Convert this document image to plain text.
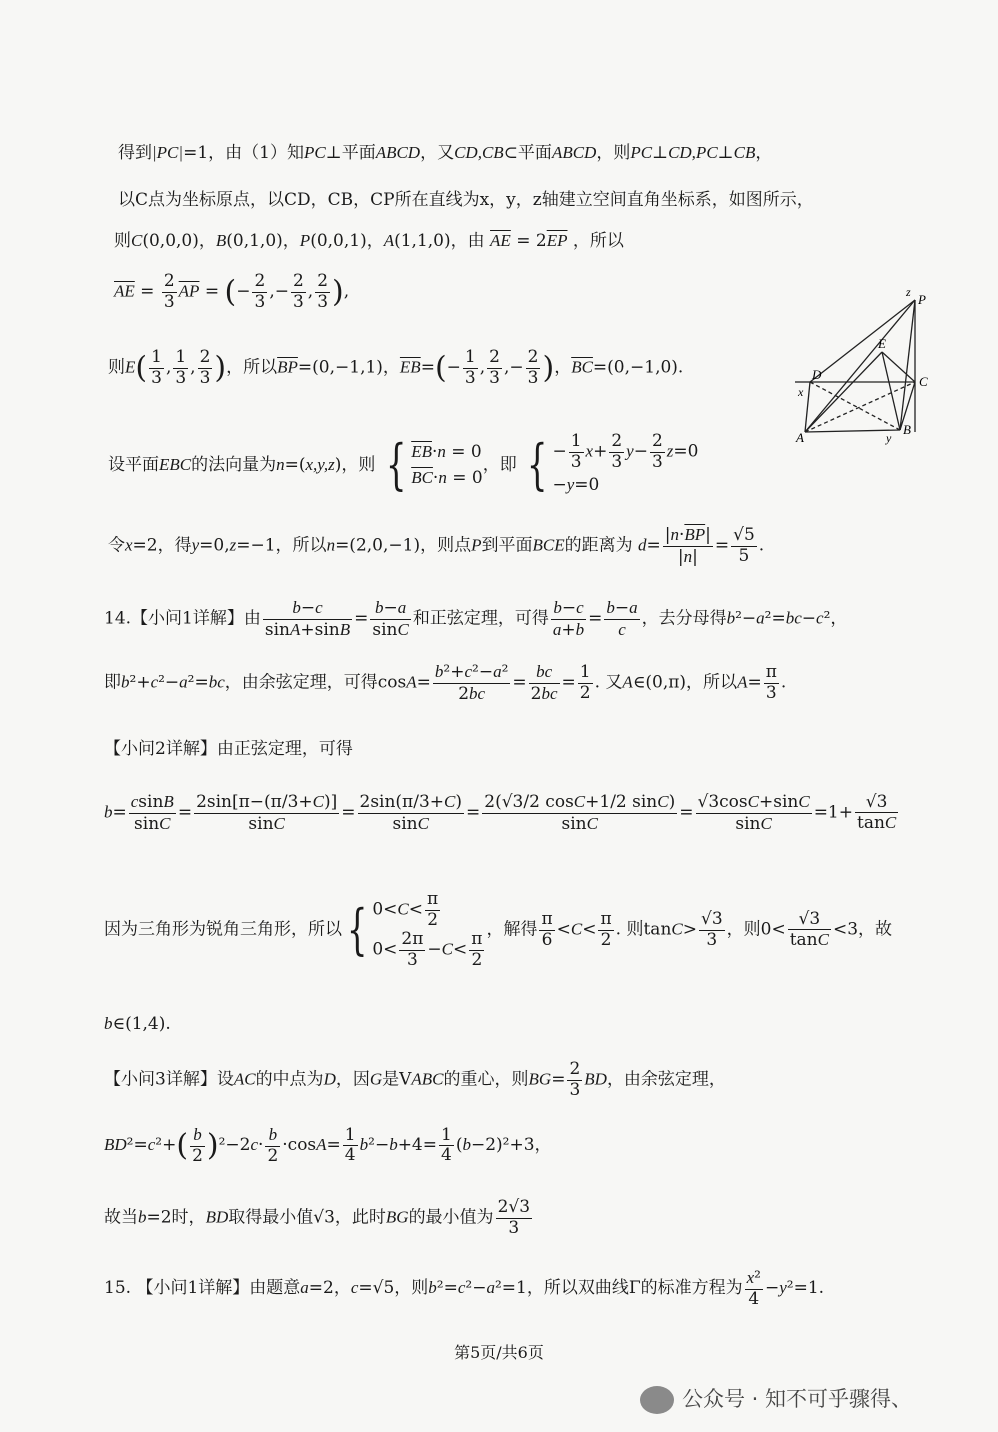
得到|PC|=1，由（1）知PC⊥平面ABCD，又CD,CB⊂平面ABCD，则PC⊥CD,PC⊥CB，
以C点为坐标原点，以CD，CB，CP所在直线为x，y，z轴建立空间直角坐标系，如图所示，
则C(0,0,0)，B(0,1,0)，P(0,0,1)，A(1,1,0)，由 $\overline{AE} = 2\overline{EP}$ ，所以
$\overline{AE} = \frac{2}{3} \overline{AP}$ = (− $\frac{2}{3}$ ,− $\frac{2}{3}$ , $\frac{2}{3}$ ),
则$E( \frac{1}{3}$ , $\frac{1}{3}$ , $\frac{2}{3}$ )，所以$\overline{BP}=(0,-1,1)$，$\overline{EB}=(- \frac{1}{3}$ , $\frac{2}{3}$ ,− $\frac{2}{3}$ )，$\overline{BC}=(0,-1,0)$.
设平面EBC的法向量为n=(x,y,z)，则 { $\overline{EB}\cdot n = 0$
$\overline{BC}\cdot n = 0$
，即 { − $\frac{1}{3} x+ \frac{2}{3} y- \frac{2}{3} z=0$
−y=0
令x=2，得y=0,z=−1，所以n=(2,0,−1)，则点P到平面BCE的距离为 $d= \frac{|n\cdot\overline{BP}|}{|n|} = \frac{√5}{5}$ .
14.【小问1详解】由 $\frac{b-c}{\sin A+\sin B} = \frac{b-a}{\sin C}$ 和正弦定理，可得 $\frac{b-c}{a+b} = \frac{b-a}{c}$ ，去分母得b²−a²=bc−c²，
即b²+c²−a²=bc，由余弦定理，可得$\cos A= \frac{\text{b²+c²−a²}}{2bc} = \frac{bc}{2bc} = \frac{1}{2}$ . 又A∈(0,π)，所以$A= \frac{\pi}{3}$ .
【小问2详解】由正弦定理，可得
$b= \frac{csinB}{\sin C} = \frac{2\sin[\pi-(\pi/3+C)]}{\sin C} = \frac{2\sin(\pi/3+C)}{\sin C} = \frac{2(√3/2 \cos C+1/2 \sin C)}{\sin C} = \frac{√3\cos C+\sin C}{\sin C} =1+ \frac{√3}{\tan C}$
因为三角形为锐角三角形，所以{ $0<C< \frac{\pi}{2}$
$0< \frac{2\pi}{3} -C< \frac{\pi}{2}$
，解得 $\frac{\pi}{6} <C< \frac{\pi}{2}$ . 则$\tan C> \frac{√3}{3}$ ，则$0< \frac{√3}{\tan C} <3$，故
b∈(1,4).
【小问3详解】设AC的中点为D，因G是VABC的重心，则$BG= \frac{2}{3}$ BD，由余弦定理，
$BD^2=c^2+( \frac{b}{2} )^2-2c\cdot \frac{b}{2} \cdot\cos A= \frac{1}{4} b^2-b+4= \frac{1}{4} (b-2)^2+3$，
故当b=2时，BD取得最小值√3，此时BG的最小值为 $\frac{2√3}{3}$
15. 【小问1详解】由题意a=2，c=√5，则b²=c²−a²=1，所以双曲线Γ的标准方程为 $\frac{\text{x²}}{4} -y^2=1$.
z P
E
D	C
x
A	y
B
第5页/共6页
公众号 · 知不可乎骤得、
